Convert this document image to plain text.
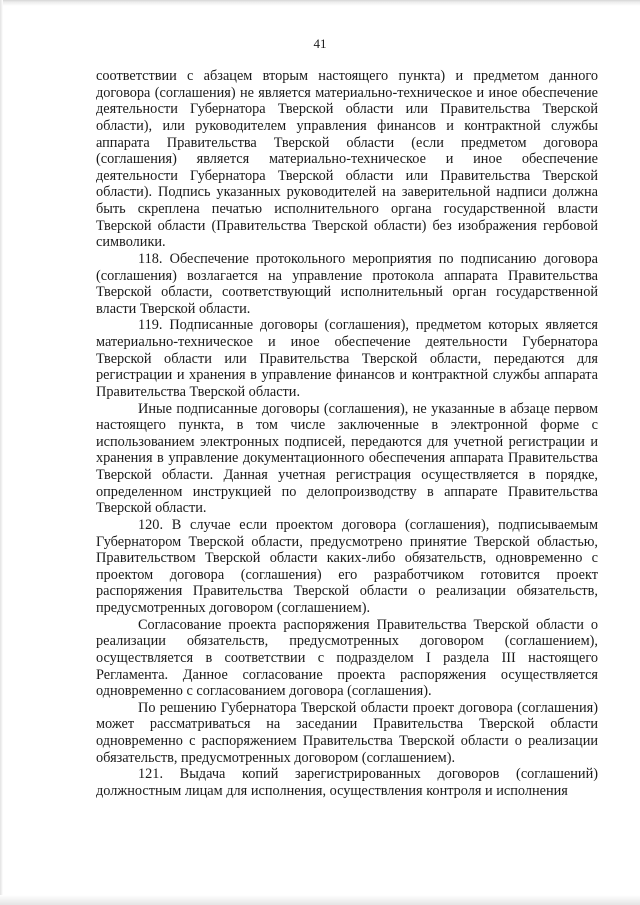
41

соответствии с абзацем вторым настоящего пункта) и предметом данного договора (соглашения) не является материально-техническое и иное обеспечение деятельности Губернатора Тверской области или Правительства Тверской области), или руководителем управления финансов и контрактной службы аппарата Правительства Тверской области (если предметом договора (соглашения) является материально-техническое и иное обеспечение деятельности Губернатора Тверской области или Правительства Тверской области). Подпись указанных руководителей на заверительной надписи должна быть скреплена печатью исполнительного органа государственной власти Тверской области (Правительства Тверской области) без изображения гербовой символики.

118. Обеспечение протокольного мероприятия по подписанию договора (соглашения) возлагается на управление протокола аппарата Правительства Тверской области, соответствующий исполнительный орган государственной власти Тверской области.

119. Подписанные договоры (соглашения), предметом которых является материально-техническое и иное обеспечение деятельности Губернатора Тверской области или Правительства Тверской области, передаются для регистрации и хранения в управление финансов и контрактной службы аппарата Правительства Тверской области.

Иные подписанные договоры (соглашения), не указанные в абзаце первом настоящего пункта, в том числе заключенные в электронной форме с использованием электронных подписей, передаются для учетной регистрации и хранения в управление документационного обеспечения аппарата Правительства Тверской области. Данная учетная регистрация осуществляется в порядке, определенном инструкцией по делопроизводству в аппарате Правительства Тверской области.

120. В случае если проектом договора (соглашения), подписываемым Губернатором Тверской области, предусмотрено принятие Тверской областью, Правительством Тверской области каких-либо обязательств, одновременно с проектом договора (соглашения) его разработчиком готовится проект распоряжения Правительства Тверской области о реализации обязательств, предусмотренных договором (соглашением).

Согласование проекта распоряжения Правительства Тверской области о реализации обязательств, предусмотренных договором (соглашением), осуществляется в соответствии с подразделом I раздела III настоящего Регламента. Данное согласование проекта распоряжения осуществляется одновременно с согласованием договора (соглашения).

По решению Губернатора Тверской области проект договора (соглашения) может рассматриваться на заседании Правительства Тверской области одновременно с распоряжением Правительства Тверской области о реализации обязательств, предусмотренных договором (соглашением).

121. Выдача копий зарегистрированных договоров (соглашений) должностным лицам для исполнения, осуществления контроля и исполнения
